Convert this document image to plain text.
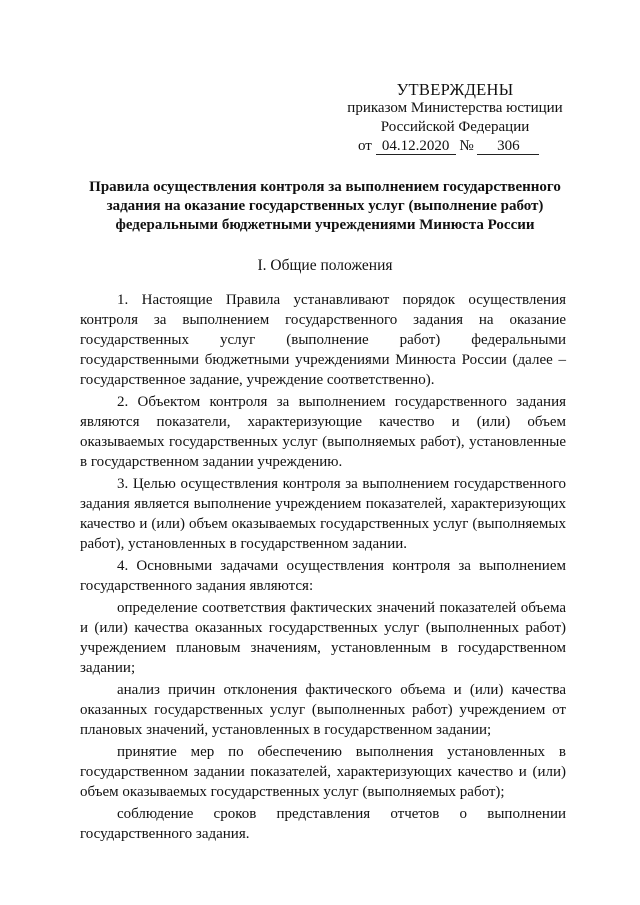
УТВЕРЖДЕНЫ
приказом Министерства юстиции
Российской Федерации
от 04.12.2020 № 306
Правила осуществления контроля за выполнением государственного
задания на оказание государственных услуг (выполнение работ)
федеральными бюджетными учреждениями Минюста России
I. Общие положения

1. Настоящие Правила устанавливают порядок осуществления контроля за выполнением государственного задания на оказание государственных услуг (выполнение работ) федеральными государственными бюджетными учреждениями Минюста России (далее – государственное задание, учреждение соответственно).

2. Объектом контроля за выполнением государственного задания являются показатели, характеризующие качество и (или) объем оказываемых государственных услуг (выполняемых работ), установленные в государственном задании учреждению.

3. Целью осуществления контроля за выполнением государственного задания является выполнение учреждением показателей, характеризующих качество и (или) объем оказываемых государственных услуг (выполняемых работ), установленных в государственном задании.

4. Основными задачами осуществления контроля за выполнением государственного задания являются:

определение соответствия фактических значений показателей объема и (или) качества оказанных государственных услуг (выполненных работ) учреждением плановым значениям, установленным в государственном задании;

анализ причин отклонения фактического объема и (или) качества оказанных государственных услуг (выполненных работ) учреждением от плановых значений, установленных в государственном задании;

принятие мер по обеспечению выполнения установленных в государственном задании показателей, характеризующих качество и (или) объем оказываемых государственных услуг (выполняемых работ);

соблюдение сроков представления отчетов о выполнении государственного задания.
